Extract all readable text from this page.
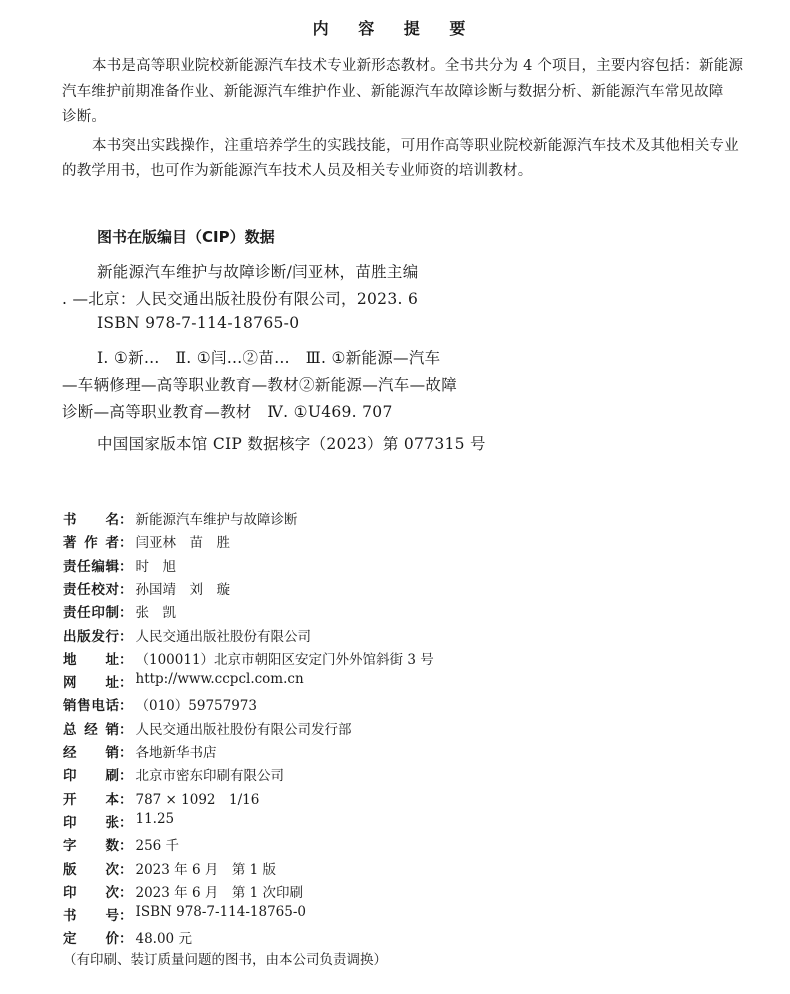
内 容 提 要
本书是高等职业院校新能源汽车技术专业新形态教材。全书共分为 4 个项目，主要内容包括：新能源
汽车维护前期准备作业、新能源汽车维护作业、新能源汽车故障诊断与数据分析、新能源汽车常见故障
诊断。
本书突出实践操作，注重培养学生的实践技能，可用作高等职业院校新能源汽车技术及其他相关专业
的教学用书，也可作为新能源汽车技术人员及相关专业师资的培训教材。
图书在版编目（CIP）数据
新能源汽车维护与故障诊断/闫亚林，苗胜主编
. —北京：人民交通出版社股份有限公司，2023. 6
ISBN 978-7-114-18765-0
Ⅰ. ①新…　Ⅱ. ①闫…②苗…　Ⅲ. ①新能源—汽车
—车辆修理—高等职业教育—教材②新能源—汽车—故障
诊断—高等职业教育—教材　Ⅳ. ①U469. 707
中国国家版本馆 CIP 数据核字（2023）第 077315 号
书名 ： 新能源汽车维护与故障诊断
著作者 ： 闫亚林　苗　胜
责任编辑 ： 时　旭
责任校对 ： 孙国靖　刘　璇
责任印制 ： 张　凯
出版发行 ： 人民交通出版社股份有限公司
地址 ： （100011）北京市朝阳区安定门外外馆斜街 3 号
网址 ： http://www.ccpcl.com.cn
销售电话 ： （010）59757973
总经销 ： 人民交通出版社股份有限公司发行部
经销 ： 各地新华书店
印刷 ： 北京市密东印刷有限公司
开本 ： 787 × 1092　1/16
印张 ： 11.25
字数 ： 256 千
版次 ： 2023 年 6 月　第 1 版
印次 ： 2023 年 6 月　第 1 次印刷
书号 ： ISBN 978-7-114-18765-0
定价 ： 48.00 元
（有印刷、装订质量问题的图书，由本公司负责调换）
